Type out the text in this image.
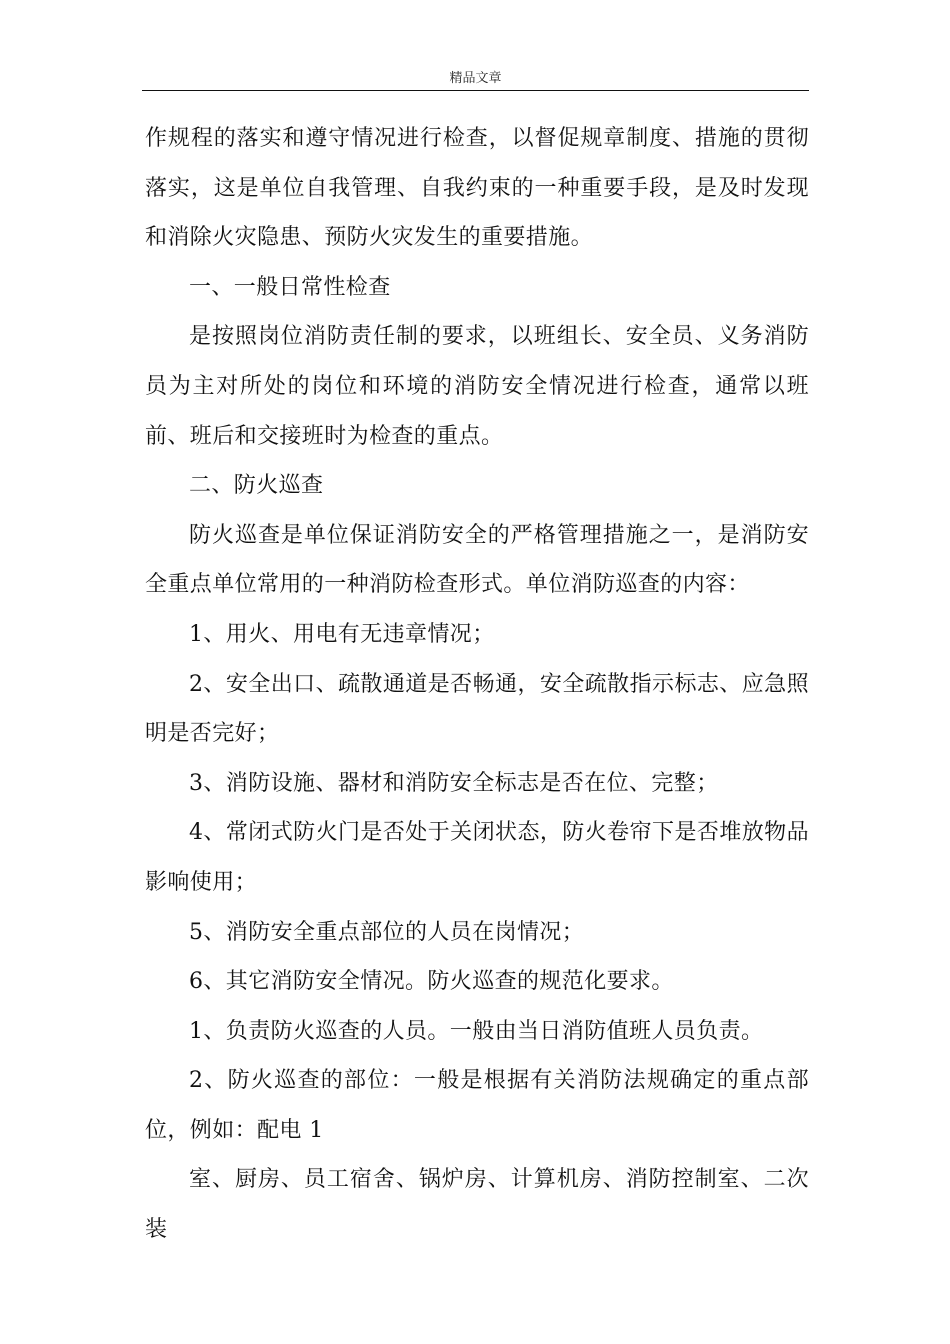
精品文章

作规程的落实和遵守情况进行检查，以督促规章制度、措施的贯彻落实，这是单位自我管理、自我约束的一种重要手段，是及时发现和消除火灾隐患、预防火灾发生的重要措施。

一、一般日常性检查

是按照岗位消防责任制的要求，以班组长、安全员、义务消防员为主对所处的岗位和环境的消防安全情况进行检查，通常以班前、班后和交接班时为检查的重点。

二、防火巡查

防火巡查是单位保证消防安全的严格管理措施之一，是消防安全重点单位常用的一种消防检查形式。单位消防巡查的内容：

1、用火、用电有无违章情况；

2、安全出口、疏散通道是否畅通，安全疏散指示标志、应急照明是否完好；

3、消防设施、器材和消防安全标志是否在位、完整；

4、常闭式防火门是否处于关闭状态，防火卷帘下是否堆放物品影响使用；

5、消防安全重点部位的人员在岗情况；

6、其它消防安全情况。防火巡查的规范化要求。

1、负责防火巡查的人员。一般由当日消防值班人员负责。

2、防火巡查的部位：一般是根据有关消防法规确定的重点部位，例如：配电 1

室、厨房、员工宿舍、锅炉房、计算机房、消防控制室、二次装
